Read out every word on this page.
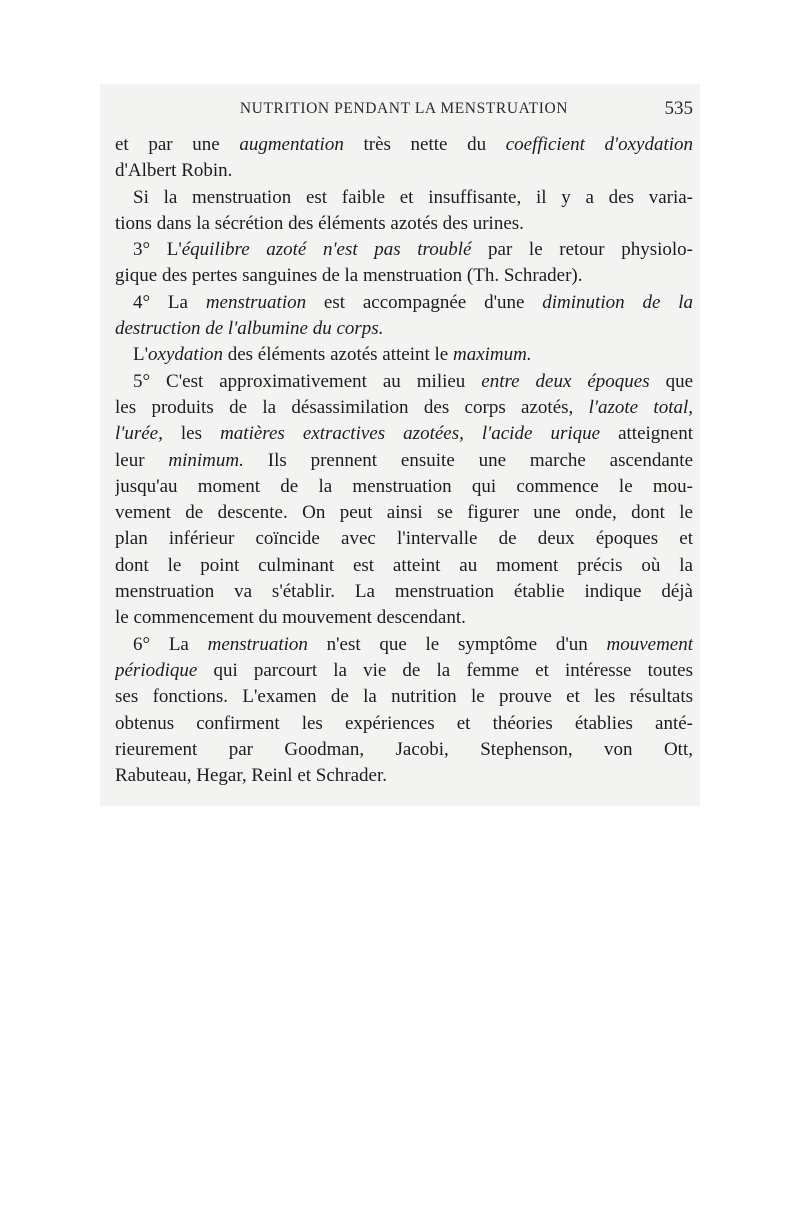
NUTRITION PENDANT LA MENSTRUATION	535
et par une augmentation très nette du coefficient d'oxydation
d'Albert Robin.
Si la menstruation est faible et insuffisante, il y a des varia-
tions dans la sécrétion des éléments azotés des urines.
3° L'équilibre azoté n'est pas troublé par le retour physiolo-
gique des pertes sanguines de la menstruation (Th. Schrader).
4° La menstruation est accompagnée d'une diminution de la
destruction de l'albumine du corps.
L'oxydation des éléments azotés atteint le maximum.
5° C'est approximativement au milieu entre deux époques que
les produits de la désassimilation des corps azotés, l'azote total,
l'urée, les matières extractives azotées, l'acide urique atteignent
leur minimum. Ils prennent ensuite une marche ascendante
jusqu'au moment de la menstruation qui commence le mou-
vement de descente. On peut ainsi se figurer une onde, dont le
plan inférieur coïncide avec l'intervalle de deux époques et
dont le point culminant est atteint au moment précis où la
menstruation va s'établir. La menstruation établie indique déjà
le commencement du mouvement descendant.
6° La menstruation n'est que le symptôme d'un mouvement
périodique qui parcourt la vie de la femme et intéresse toutes
ses fonctions. L'examen de la nutrition le prouve et les résultats
obtenus confirment les expériences et théories établies anté-
rieurement par Goodman, Jacobi, Stephenson, von Ott,
Rabuteau, Hegar, Reinl et Schrader.
